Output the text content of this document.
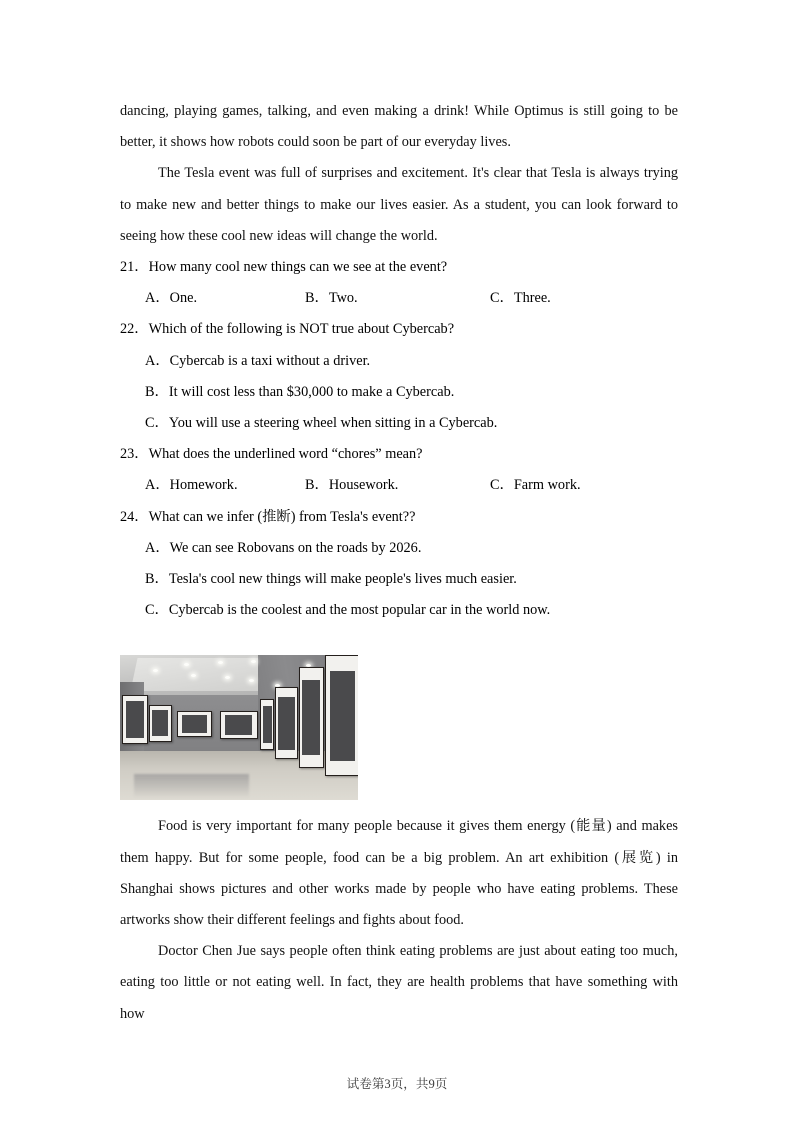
dancing, playing games, talking, and even making a drink! While Optimus is still going to be better, it shows how robots could soon be part of our everyday lives.

The Tesla event was full of surprises and excitement. It's clear that Tesla is always trying to make new and better things to make our lives easier. As a student, you can look forward to seeing how these cool new ideas will change the world.

21．How many cool new things can we see at the event?

A．One.	B．Two.	C．Three.

22．Which of the following is NOT true about Cybercab?

A．Cybercab is a taxi without a driver.
B．It will cost less than $30,000 to make a Cybercab.
C．You will use a steering wheel when sitting in a Cybercab.

23．What does the underlined word “chores” mean?

A．Homework.	B．Housework.	C．Farm work.

24．What can we infer (推断) from Tesla's event??

A．We can see Robovans on the roads by 2026.
B．Tesla's cool new things will make people's lives much easier.
C．Cybercab is the coolest and the most popular car in the world now.

Food is very important for many people because it gives them energy (能量) and makes them happy. But for some people, food can be a big problem. An art exhibition (展览) in Shanghai shows pictures and other works made by people who have eating problems. These artworks show their different feelings and fights about food.

Doctor Chen Jue says people often think eating problems are just about eating too much, eating too little or not eating well. In fact, they are health problems that have something with how

试卷第3页，共9页
